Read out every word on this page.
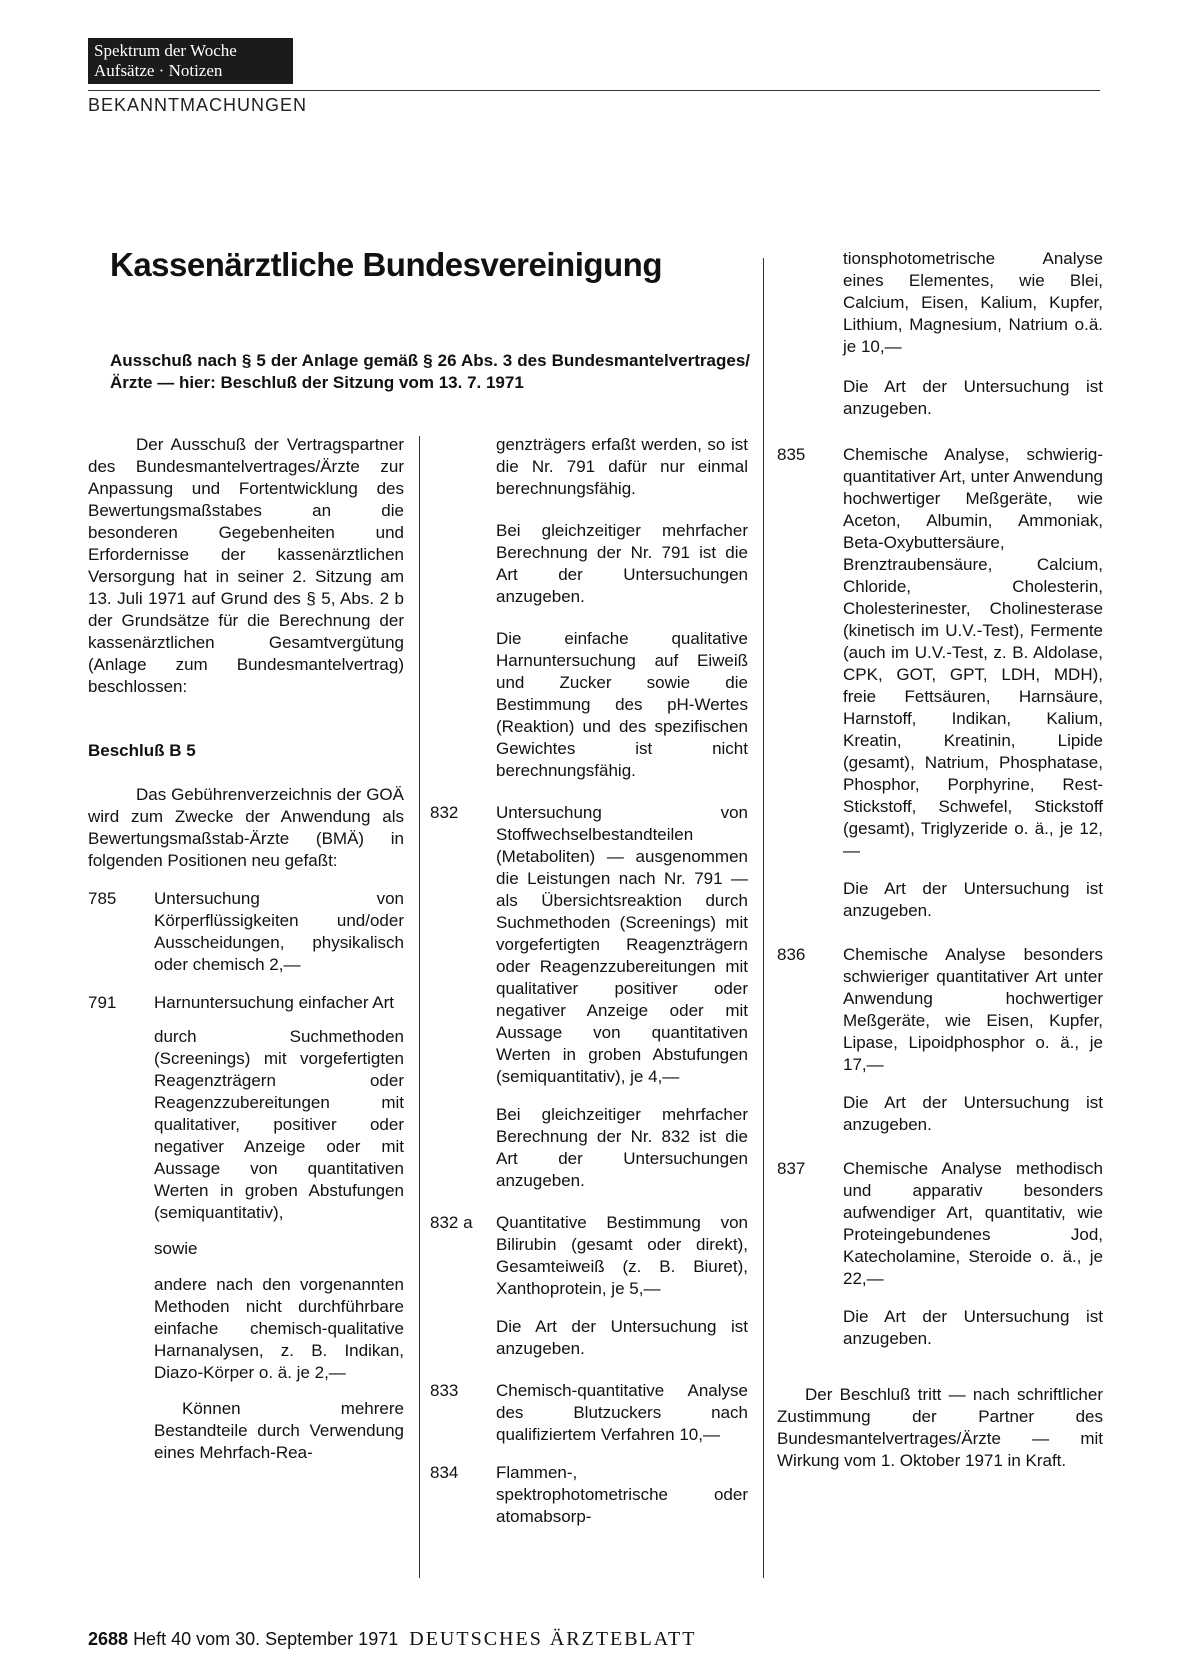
Spektrum der Woche
Aufsätze · Notizen
BEKANNTMACHUNGEN
Kassenärztliche Bundesvereinigung
Ausschuß nach § 5 der Anlage gemäß § 26 Abs. 3 des Bundesmantelvertrages/Ärzte — hier: Beschluß der Sitzung vom 13. 7. 1971

Der Ausschuß der Vertragspartner des Bundesmantelvertrages/Ärzte zur Anpassung und Fortentwicklung des Bewertungsmaßstabes an die besonderen Gegebenheiten und Erfordernisse der kassenärztlichen Versorgung hat in seiner 2. Sitzung am 13. Juli 1971 auf Grund des § 5, Abs. 2 b der Grundsätze für die Berechnung der kassenärztlichen Gesamtvergütung (Anlage zum Bundesmantelvertrag) beschlossen:

Beschluß B 5

Das Gebührenverzeichnis der GOÄ wird zum Zwecke der Anwendung als Bewertungsmaßstab-Ärzte (BMÄ) in folgenden Positionen neu gefaßt:

785	Untersuchung von Körperflüssigkeiten und/oder Ausscheidungen, physikalisch oder chemisch 2,—
791	Harnuntersuchung einfacher Art

durch Suchmethoden (Screenings) mit vorgefertigten Reagenzträgern oder Reagenzzubereitungen mit qualitativer, positiver oder negativer Anzeige oder mit Aussage von quantitativen Werten in groben Abstufungen (semiquantitativ),

sowie

andere nach den vorgenannten Methoden nicht durchführbare einfache chemisch-qualitative Harnanalysen, z. B. Indikan, Diazo-Körper o. ä. je 2,—

Können mehrere Bestandteile durch Verwendung eines Mehrfach-Rea-

genzträgers erfaßt werden, so ist die Nr. 791 dafür nur einmal berechnungsfähig.

Bei gleichzeitiger mehrfacher Berechnung der Nr. 791 ist die Art der Untersuchungen anzugeben.

Die einfache qualitative Harnuntersuchung auf Eiweiß und Zucker sowie die Bestimmung des pH-Wertes (Reaktion) und des spezifischen Gewichtes ist nicht berechnungsfähig.

832	Untersuchung von Stoffwechselbestandteilen (Metaboliten) — ausgenommen die Leistungen nach Nr. 791 — als Übersichtsreaktion durch Suchmethoden (Screenings) mit vorgefertigten Reagenzträgern oder Reagenzzubereitungen mit qualitativer positiver oder negativer Anzeige oder mit Aussage von quantitativen Werten in groben Abstufungen (semiquantitativ), je 4,—

Bei gleichzeitiger mehrfacher Berechnung der Nr. 832 ist die Art der Untersuchungen anzugeben.

832 a	Quantitative Bestimmung von Bilirubin (gesamt oder direkt), Gesamteiweiß (z. B. Biuret), Xanthoprotein, je 5,—

Die Art der Untersuchung ist anzugeben.

833	Chemisch-quantitative Analyse des Blutzuckers nach qualifiziertem Verfahren 10,—
834	Flammen-, spektrophotometrische oder atomabsorp-

tionsphotometrische Analyse eines Elementes, wie Blei, Calcium, Eisen, Kalium, Kupfer, Lithium, Magnesium, Natrium o.ä. je 10,—

Die Art der Untersuchung ist anzugeben.

835	Chemische Analyse, schwierig-quantitativer Art, unter Anwendung hochwertiger Meßgeräte, wie Aceton, Albumin, Ammoniak, Beta-Oxybuttersäure, Brenztraubensäure, Calcium, Chloride, Cholesterin, Cholesterinester, Cholinesterase (kinetisch im U.V.-Test), Fermente (auch im U.V.-Test, z. B. Aldolase, CPK, GOT, GPT, LDH, MDH), freie Fettsäuren, Harnsäure, Harnstoff, Indikan, Kalium, Kreatin, Kreatinin, Lipide (gesamt), Natrium, Phosphatase, Phosphor, Porphyrine, Rest-Stickstoff, Schwefel, Stickstoff (gesamt), Triglyzeride o. ä., je 12,—

Die Art der Untersuchung ist anzugeben.

836	Chemische Analyse besonders schwieriger quantitativer Art unter Anwendung hochwertiger Meßgeräte, wie Eisen, Kupfer, Lipase, Lipoidphosphor o. ä., je 17,—

Die Art der Untersuchung ist anzugeben.

837	Chemische Analyse methodisch und apparativ besonders aufwendiger Art, quantitativ, wie Proteingebundenes Jod, Katecholamine, Steroide o. ä., je 22,—

Die Art der Untersuchung ist anzugeben.

Der Beschluß tritt — nach schriftlicher Zustimmung der Partner des Bundesmantelvertrages/Ärzte — mit Wirkung vom 1. Oktober 1971 in Kraft.

2688 Heft 40 vom 30. September 1971 DEUTSCHES ÄRZTEBLATT
